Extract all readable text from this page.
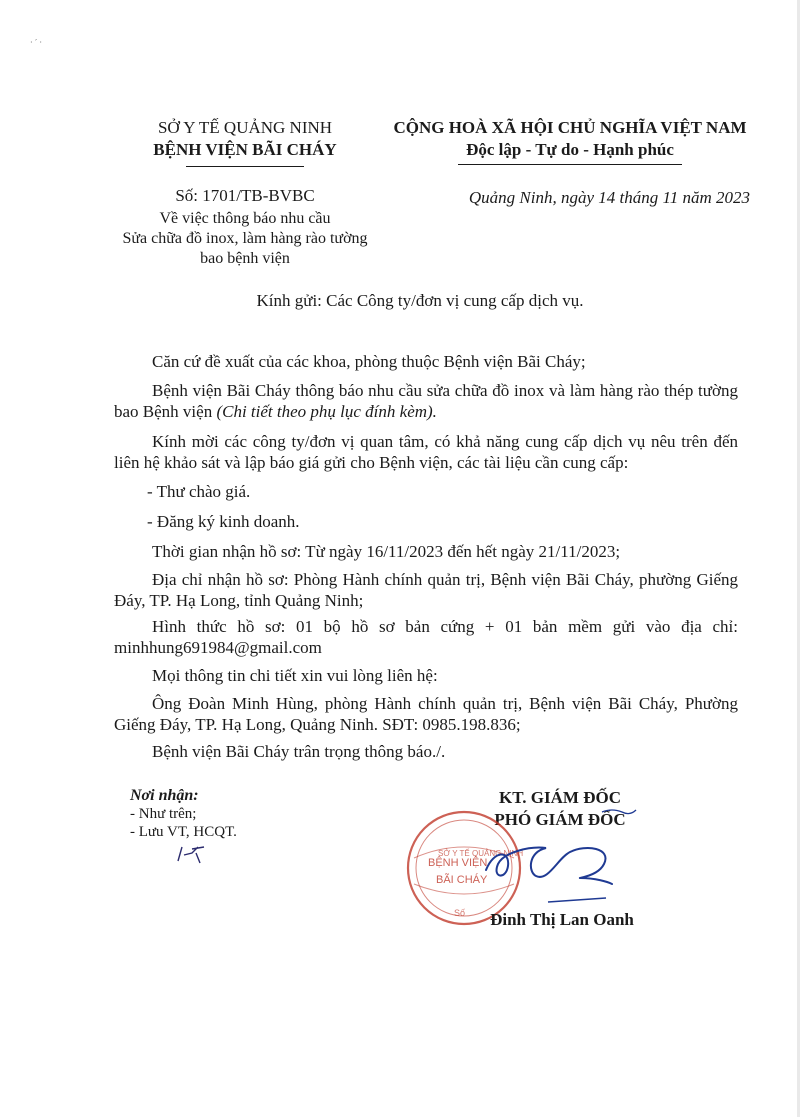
· ˊ ·
SỞ Y TẾ QUẢNG NINH
BỆNH VIỆN BÃI CHÁY
CỘNG HOÀ XÃ HỘI CHỦ NGHĨA VIỆT NAM
Độc lập - Tự do - Hạnh phúc
Số: 1701/TB-BVBC
Về việc thông báo nhu cầu
Sửa chữa đồ inox, làm hàng rào tường
bao bệnh viện
Quảng Ninh, ngày 14 tháng 11 năm 2023
Kính gửi: Các Công ty/đơn vị cung cấp dịch vụ.
Căn cứ đề xuất của các khoa, phòng thuộc Bệnh viện Bãi Cháy;
Bệnh viện Bãi Cháy thông báo nhu cầu sửa chữa đồ inox và làm hàng rào thép tường bao Bệnh viện (Chi tiết theo phụ lục đính kèm).
Kính mời các công ty/đơn vị quan tâm, có khả năng cung cấp dịch vụ nêu trên đến liên hệ khảo sát và lập báo giá gửi cho Bệnh viện, các tài liệu cần cung cấp:
- Thư chào giá.
- Đăng ký kinh doanh.
Thời gian nhận hồ sơ: Từ ngày 16/11/2023 đến hết ngày 21/11/2023;
Địa chỉ nhận hồ sơ: Phòng Hành chính quản trị, Bệnh viện Bãi Cháy, phường Giếng Đáy, TP. Hạ Long, tỉnh Quảng Ninh;
Hình thức hồ sơ: 01 bộ hồ sơ bản cứng + 01 bản mềm gửi vào địa chỉ: minhhung691984@gmail.com
Mọi thông tin chi tiết xin vui lòng liên hệ:
Ông Đoàn Minh Hùng, phòng Hành chính quản trị, Bệnh viện Bãi Cháy, Phường Giếng Đáy, TP. Hạ Long, Quảng Ninh. SĐT: 0985.198.836;
Bệnh viện Bãi Cháy trân trọng thông báo./.
Nơi nhận:
- Như trên;
- Lưu VT, HCQT.
KT. GIÁM ĐỐC
PHÓ GIÁM ĐỐC
SỞ Y TẾ QUẢNG NINH
Số
BỆNH VIỆN
BÃI CHÁY
Đinh Thị Lan Oanh
